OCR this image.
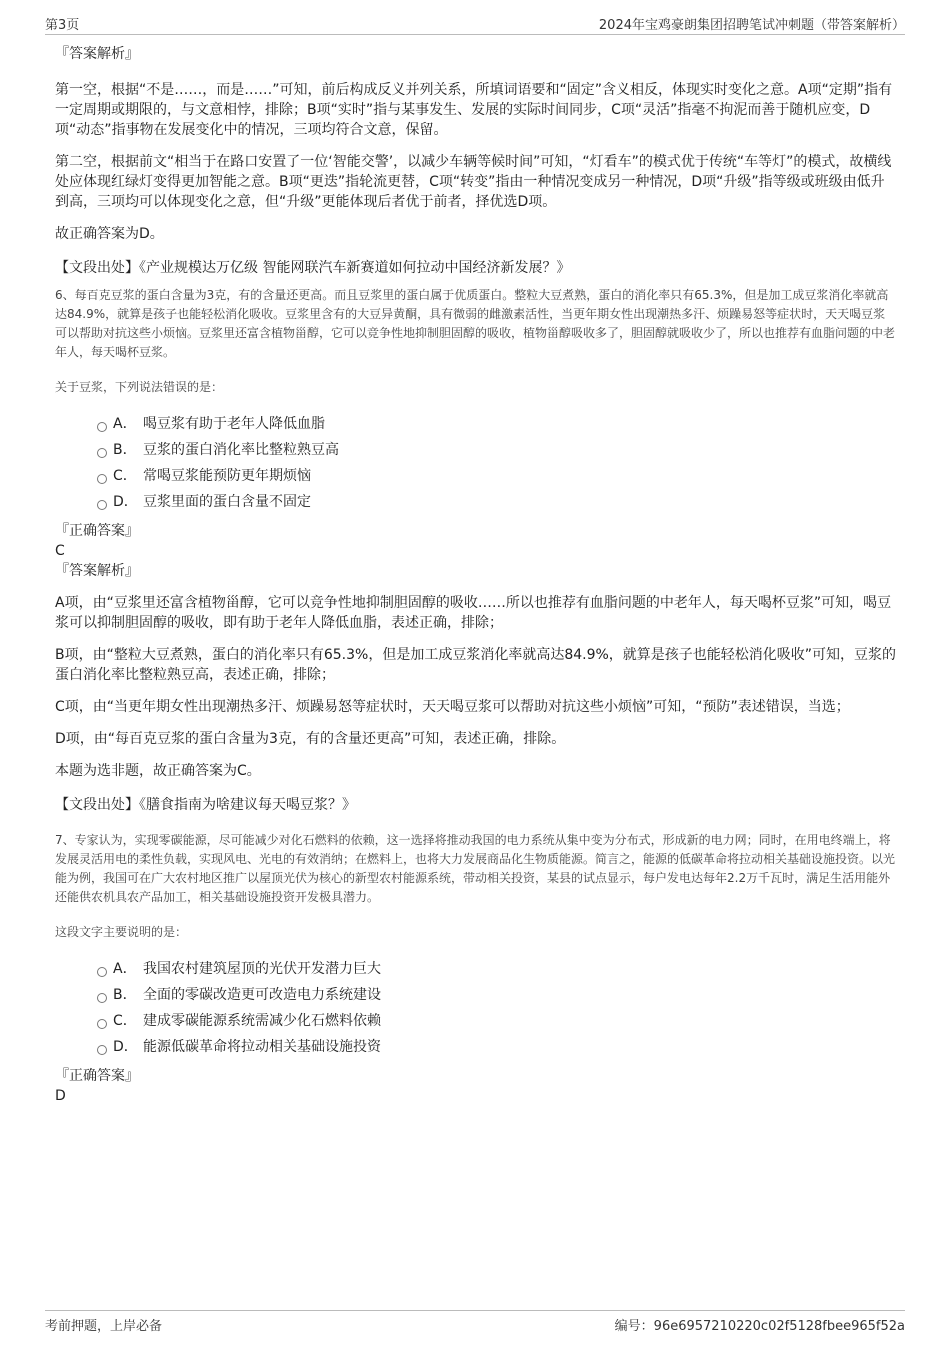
第3页	2024年宝鸡豪朗集团招聘笔试冲刺题（带答案解析）

『答案解析』

第一空，根据“不是……，而是……”可知，前后构成反义并列关系，所填词语要和“固定”含义相反，体现实时变化之意。A项“定期”指有一定周期或期限的，与文意相悖，排除；B项“实时”指与某事发生、发展的实际时间同步，C项“灵活”指毫不拘泥而善于随机应变，D项“动态”指事物在发展变化中的情况，三项均符合文意，保留。

第二空，根据前文“相当于在路口安置了一位‘智能交警’，以减少车辆等候时间”可知，“灯看车”的模式优于传统“车等灯”的模式，故横线处应体现红绿灯变得更加智能之意。B项“更迭”指轮流更替，C项“转变”指由一种情况变成另一种情况，D项“升级”指等级或班级由低升到高，三项均可以体现变化之意，但“升级”更能体现后者优于前者，择优选D项。

故正确答案为D。

【文段出处】《产业规模达万亿级 智能网联汽车新赛道如何拉动中国经济新发展？》

6、每百克豆浆的蛋白含量为3克，有的含量还更高。而且豆浆里的蛋白属于优质蛋白。整粒大豆煮熟，蛋白的消化率只有65.3%，但是加工成豆浆消化率就高达84.9%，就算是孩子也能轻松消化吸收。豆浆里含有的大豆异黄酮，具有微弱的雌激素活性，当更年期女性出现潮热多汗、烦躁易怒等症状时，天天喝豆浆可以帮助对抗这些小烦恼。豆浆里还富含植物甾醇，它可以竞争性地抑制胆固醇的吸收，植物甾醇吸收多了，胆固醇就吸收少了，所以也推荐有血脂问题的中老年人，每天喝杯豆浆。

关于豆浆，下列说法错误的是：

A． 喝豆浆有助于老年人降低血脂
B． 豆浆的蛋白消化率比整粒熟豆高
C． 常喝豆浆能预防更年期烦恼
D． 豆浆里面的蛋白含量不固定

『正确答案』

C

『答案解析』

A项，由“豆浆里还富含植物甾醇，它可以竞争性地抑制胆固醇的吸收……所以也推荐有血脂问题的中老年人，每天喝杯豆浆”可知，喝豆浆可以抑制胆固醇的吸收，即有助于老年人降低血脂，表述正确，排除；

B项，由“整粒大豆煮熟，蛋白的消化率只有65.3%，但是加工成豆浆消化率就高达84.9%，就算是孩子也能轻松消化吸收”可知，豆浆的蛋白消化率比整粒熟豆高，表述正确，排除；

C项，由“当更年期女性出现潮热多汗、烦躁易怒等症状时，天天喝豆浆可以帮助对抗这些小烦恼”可知，“预防”表述错误，当选；

D项，由“每百克豆浆的蛋白含量为3克，有的含量还更高”可知，表述正确，排除。

本题为选非题，故正确答案为C。

【文段出处】《膳食指南为啥建议每天喝豆浆？》

7、专家认为，实现零碳能源，尽可能减少对化石燃料的依赖，这一选择将推动我国的电力系统从集中变为分布式，形成新的电力网；同时，在用电终端上，将发展灵活用电的柔性负载，实现风电、光电的有效消纳；在燃料上，也将大力发展商品化生物质能源。简言之，能源的低碳革命将拉动相关基础设施投资。以光能为例，我国可在广大农村地区推广以屋顶光伏为核心的新型农村能源系统，带动相关投资，某县的试点显示，每户发电达每年2.2万千瓦时，满足生活用能外还能供农机具农产品加工，相关基础设施投资开发极具潜力。

这段文字主要说明的是：

A． 我国农村建筑屋顶的光伏开发潜力巨大
B． 全面的零碳改造更可改造电力系统建设
C． 建成零碳能源系统需减少化石燃料依赖
D． 能源低碳革命将拉动相关基础设施投资

『正确答案』

D

考前押题，上岸必备	编号：96e6957210220c02f5128fbee965f52a
